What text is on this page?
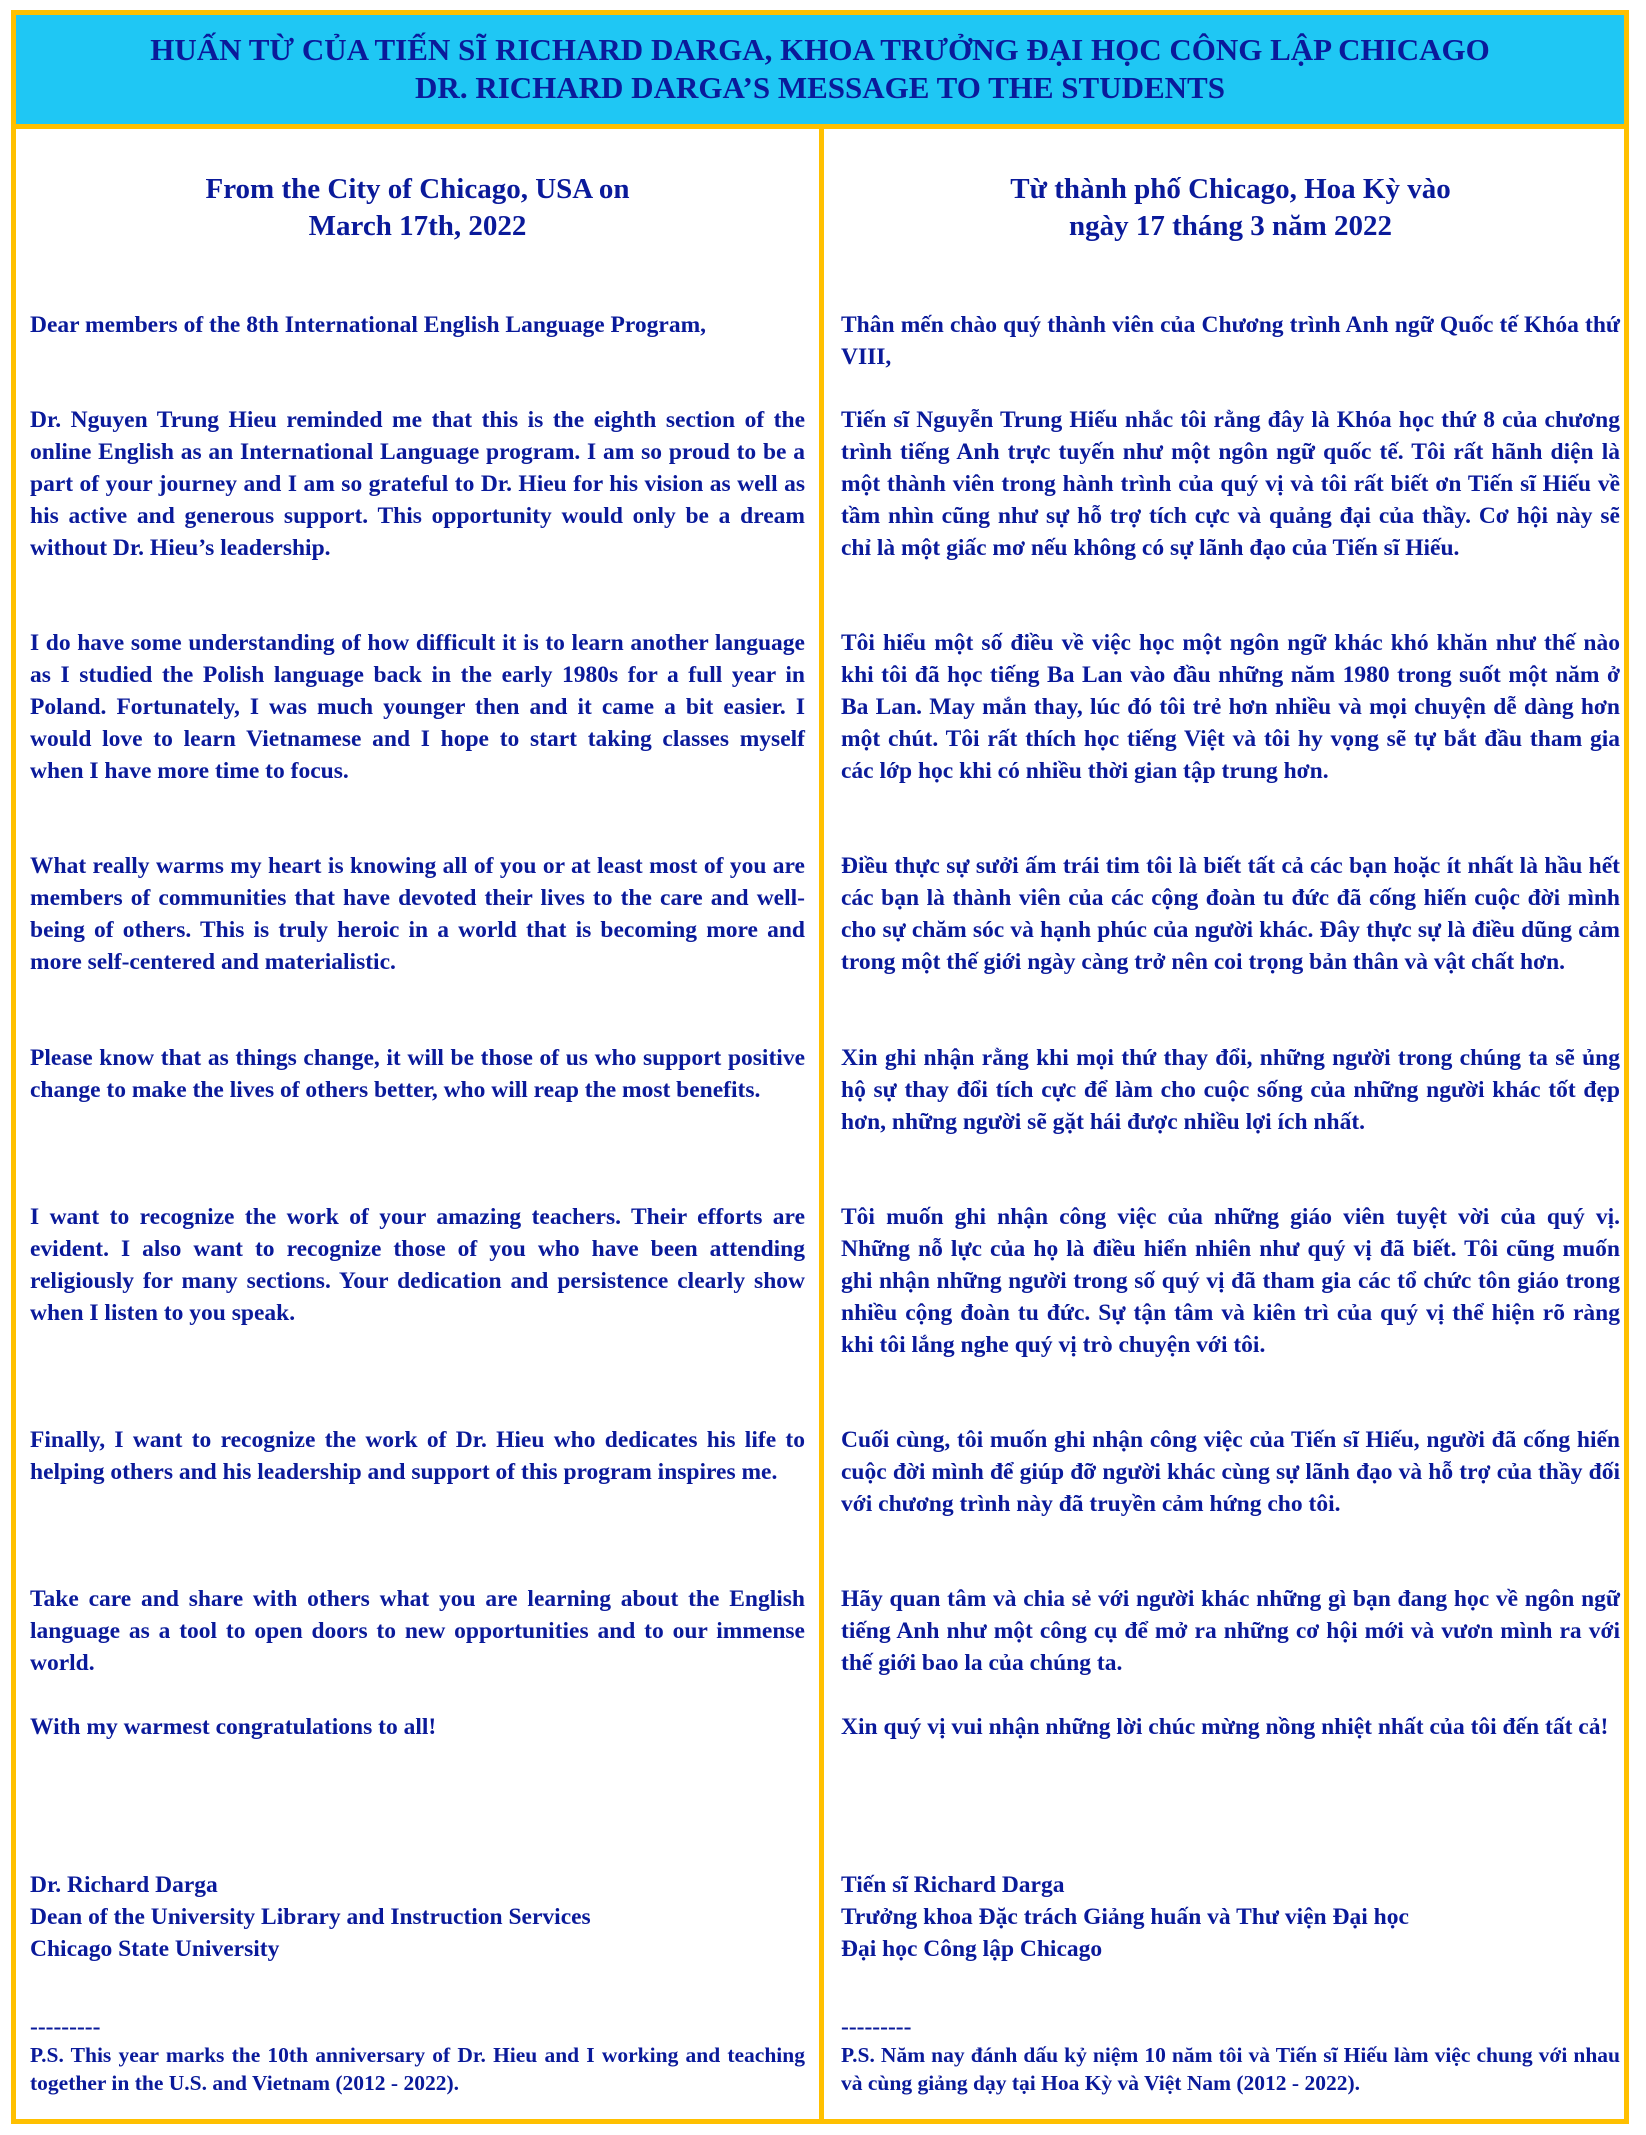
HUẤN TỪ CỦA TIẾN SĨ RICHARD DARGA, KHOA TRƯỞNG ĐẠI HỌC CÔNG LẬP CHICAGO
DR. RICHARD DARGA’S MESSAGE TO THE STUDENTS
From the City of Chicago, USA on
March 17th, 2022

Dear members of the 8th International English Language Program,

Dr. Nguyen Trung Hieu reminded me that this is the eighth section of the online English as an International Language program. I am so proud to be a part of your journey and I am so grateful to Dr. Hieu for his vision as well as his active and generous support. This opportunity would only be a dream without Dr. Hieu’s leadership.

I do have some understanding of how difficult it is to learn another language as I studied the Polish language back in the early 1980s for a full year in Poland. Fortunately, I was much younger then and it came a bit easier. I would love to learn Vietnamese and I hope to start taking classes myself when I have more time to focus.

What really warms my heart is knowing all of you or at least most of you are members of communities that have devoted their lives to the care and well-being of others. This is truly heroic in a world that is becoming more and more self-centered and materialistic.

Please know that as things change, it will be those of us who support positive change to make the lives of others better, who will reap the most benefits.

I want to recognize the work of your amazing teachers. Their efforts are evident. I also want to recognize those of you who have been attending religiously for many sections. Your dedication and persistence clearly show when I listen to you speak.

Finally, I want to recognize the work of Dr. Hieu who dedicates his life to helping others and his leadership and support of this program inspires me.

Take care and share with others what you are learning about the English language as a tool to open doors to new opportunities and to our immense world.

With my warmest congratulations to all!

Dr. Richard Darga
Dean of the University Library and Instruction Services
Chicago State University
---------
P.S. This year marks the 10th anniversary of Dr. Hieu and I working and teaching together in the U.S. and Vietnam (2012 - 2022).
Từ thành phố Chicago, Hoa Kỳ vào
ngày 17 tháng 3 năm 2022

Thân mến chào quý thành viên của Chương trình Anh ngữ Quốc tế Khóa thứ VIII,

Tiến sĩ Nguyễn Trung Hiếu nhắc tôi rằng đây là Khóa học thứ 8 của chương trình tiếng Anh trực tuyến như một ngôn ngữ quốc tế. Tôi rất hãnh diện là một thành viên trong hành trình của quý vị và tôi rất biết ơn Tiến sĩ Hiếu về tầm nhìn cũng như sự hỗ trợ tích cực và quảng đại của thầy. Cơ hội này sẽ chỉ là một giấc mơ nếu không có sự lãnh đạo của Tiến sĩ Hiếu.

Tôi hiểu một số điều về việc học một ngôn ngữ khác khó khăn như thế nào khi tôi đã học tiếng Ba Lan vào đầu những năm 1980 trong suốt một năm ở Ba Lan. May mắn thay, lúc đó tôi trẻ hơn nhiều và mọi chuyện dễ dàng hơn một chút. Tôi rất thích học tiếng Việt và tôi hy vọng sẽ tự bắt đầu tham gia các lớp học khi có nhiều thời gian tập trung hơn.

Điều thực sự sưởi ấm trái tim tôi là biết tất cả các bạn hoặc ít nhất là hầu hết các bạn là thành viên của các cộng đoàn tu đức đã cống hiến cuộc đời mình cho sự chăm sóc và hạnh phúc của người khác. Đây thực sự là điều dũng cảm trong một thế giới ngày càng trở nên coi trọng bản thân và vật chất hơn.

Xin ghi nhận rằng khi mọi thứ thay đổi, những người trong chúng ta sẽ ủng hộ sự thay đổi tích cực để làm cho cuộc sống của những người khác tốt đẹp hơn, những người sẽ gặt hái được nhiều lợi ích nhất.

Tôi muốn ghi nhận công việc của những giáo viên tuyệt vời của quý vị. Những nỗ lực của họ là điều hiển nhiên như quý vị đã biết. Tôi cũng muốn ghi nhận những người trong số quý vị đã tham gia các tổ chức tôn giáo trong nhiều cộng đoàn tu đức. Sự tận tâm và kiên trì của quý vị thể hiện rõ ràng khi tôi lắng nghe quý vị trò chuyện với tôi.

Cuối cùng, tôi muốn ghi nhận công việc của Tiến sĩ Hiếu, người đã cống hiến cuộc đời mình để giúp đỡ người khác cùng sự lãnh đạo và hỗ trợ của thầy đối với chương trình này đã truyền cảm hứng cho tôi.

Hãy quan tâm và chia sẻ với người khác những gì bạn đang học về ngôn ngữ tiếng Anh như một công cụ để mở ra những cơ hội mới và vươn mình ra với thế giới bao la của chúng ta.

Xin quý vị vui nhận những lời chúc mừng nồng nhiệt nhất của tôi đến tất cả!

Tiến sĩ Richard Darga
Trưởng khoa Đặc trách Giảng huấn và Thư viện Đại học
Đại học Công lập Chicago
---------
P.S. Năm nay đánh dấu kỷ niệm 10 năm tôi và Tiến sĩ Hiếu làm việc chung với nhau và cùng giảng dạy tại Hoa Kỳ và Việt Nam (2012 - 2022).
